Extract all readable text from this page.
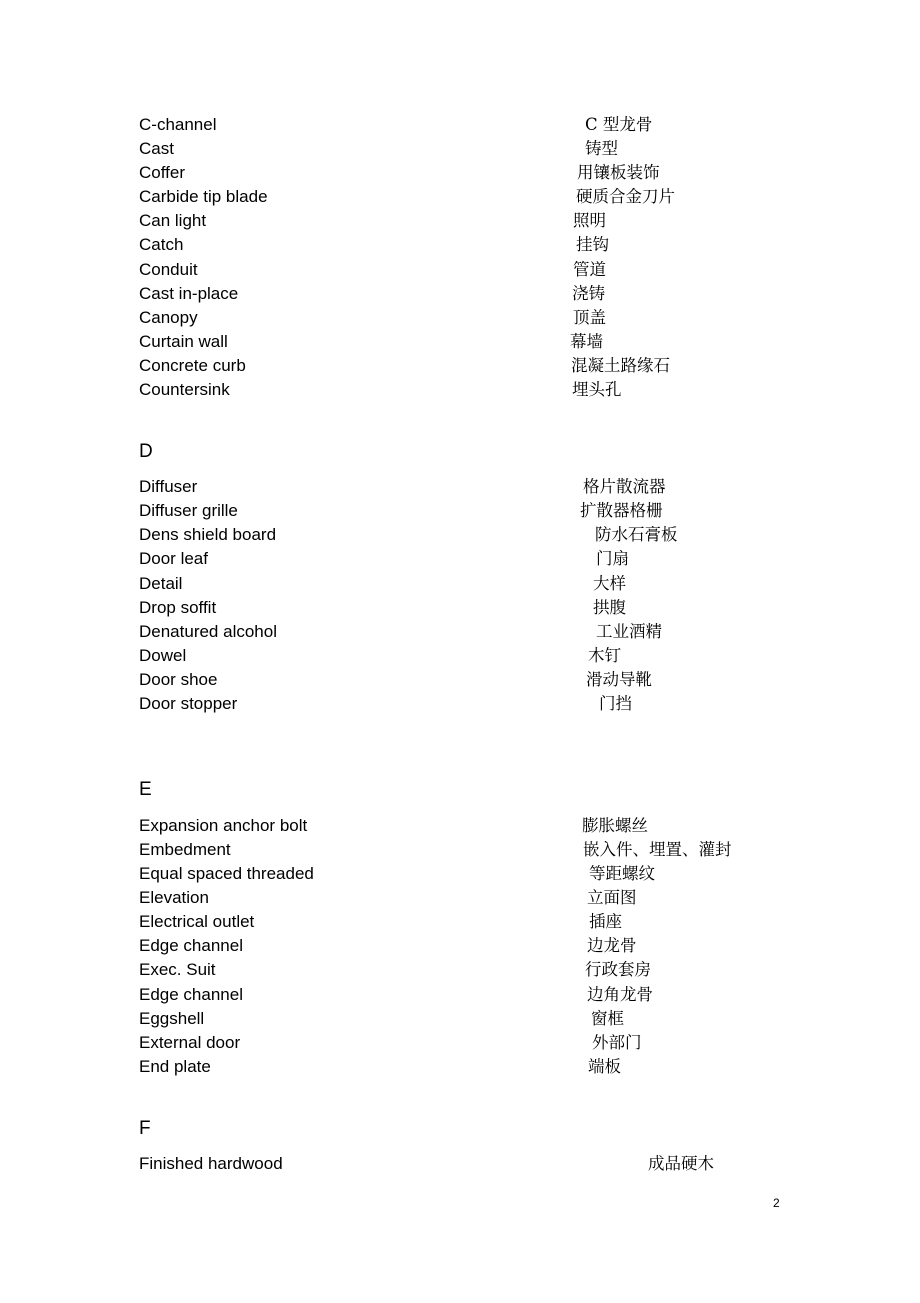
C-channel	C 型龙骨
Cast	铸型
Coffer	用镶板装饰
Carbide tip blade	硬质合金刀片
Can light	照明
Catch	挂钩
Conduit	管道
Cast in-place	浇铸
Canopy	顶盖
Curtain wall	幕墙
Concrete curb	混凝土路缘石
Countersink	埋头孔
D
Diffuser	格片散流器
Diffuser grille	扩散器格栅
Dens shield board	防水石膏板
Door leaf	门扇
Detail	大样
Drop soffit	拱腹
Denatured alcohol	工业酒精
Dowel	木钉
Door shoe	滑动导靴
Door stopper	门挡
E
Expansion anchor bolt	膨胀螺丝
Embedment	嵌入件、埋置、灌封
Equal spaced threaded	等距螺纹
Elevation	立面图
Electrical outlet	插座
Edge channel	边龙骨
Exec. Suit	行政套房
Edge channel	边角龙骨
Eggshell	窗框
External door	外部门
End plate	端板
F
Finished hardwood	成品硬木
2
